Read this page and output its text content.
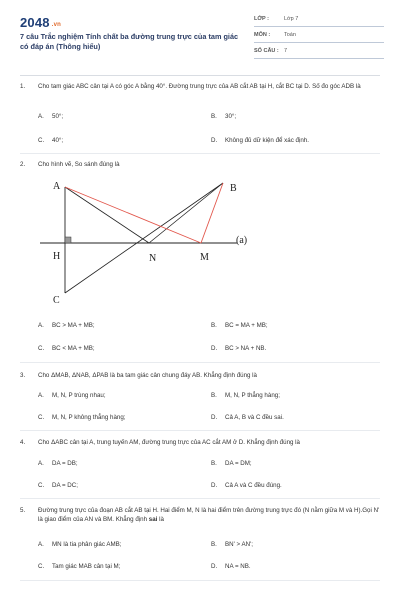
2048 .vn
7 câu Trắc nghiệm Tính chất ba đường trung trực của tam giác có đáp án (Thông hiểu)
LỚP :	Lớp 7
MÔN :	Toán
SỐ CÂU : 7
1.	Cho tam giác ABC cân tại A có góc A bằng 40°. Đường trung trực của AB cắt AB tại H, cắt BC tại D. Số đo góc ADB là
A. 50°;	B. 30°;
C. 40°;	D. Không đủ dữ kiện để xác định.
2.	Cho hình vẽ, So sánh đúng là
A	B
H	N	M
C
(a)
A. BC > MA + MB;	B. BC = MA + MB;
C. BC < MA + MB;	D. BC > NA + NB.
3.	Cho ΔMAB, ΔNAB, ΔPAB là ba tam giác cân chung đáy AB. Khẳng định đúng là
A. M, N, P trùng nhau;	B. M, N, P thẳng hàng;
C. M, N, P không thẳng hàng;	D. Cả A, B và C đều sai.
4.	Cho ΔABC cân tại A, trung tuyến AM, đường trung trực của AC cắt AM ở D. Khẳng định đúng là
A. DA = DB;	B. DA = DM;
C. DA = DC;	D. Cả A và C đều đúng.
5.	Đường trung trực của đoạn AB cắt AB tại H. Hai điểm M, N là hai điểm trên đường trung trực đó (N nằm giữa M và H).Gọi N' là giao điểm của AN và BM. Khẳng định sai là
A. MN là tia phân giác AMB;	B. BN' > AN';
C. Tam giác MAB cân tại M;	D. NA = NB.
